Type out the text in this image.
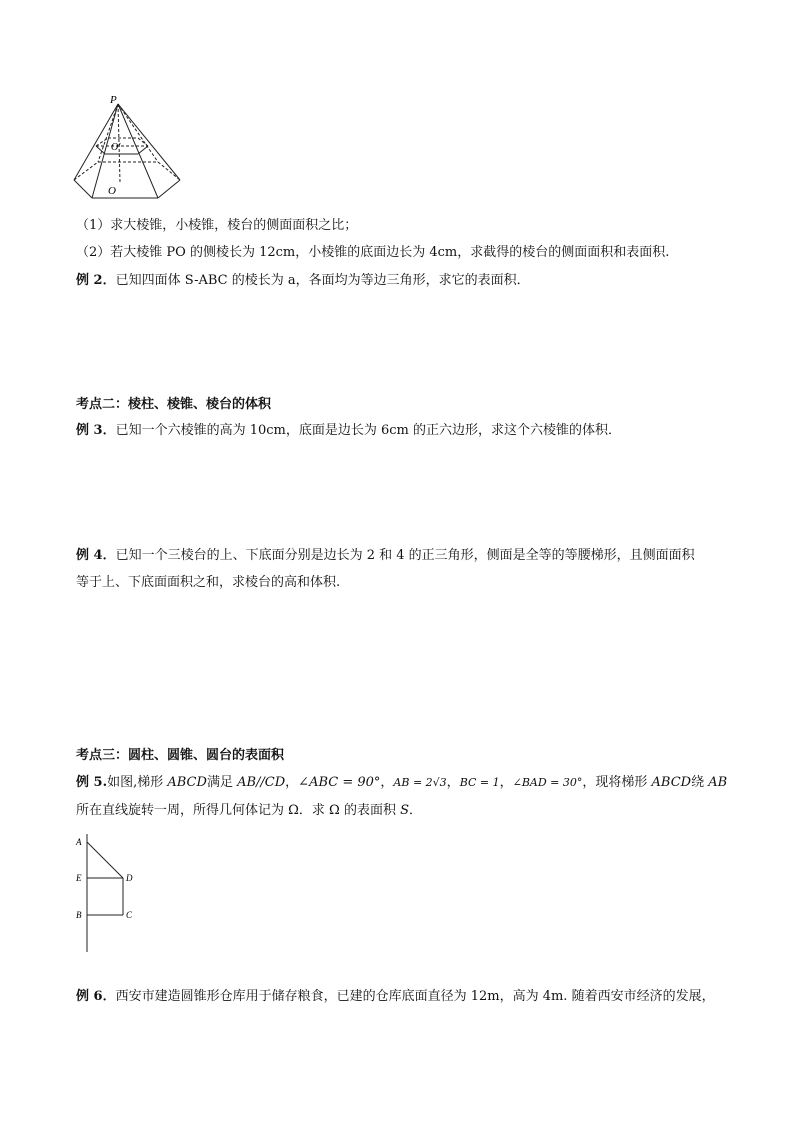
P
O'
O
（1）求大棱锥，小棱锥，棱台的侧面面积之比；
（2）若大棱锥 PO 的侧棱长为 12cm，小棱锥的底面边长为 4cm，求截得的棱台的侧面面积和表面积.
例 2．已知四面体 S-ABC 的棱长为 a，各面均为等边三角形，求它的表面积．
考点二：棱柱、棱锥、棱台的体积
例 3．已知一个六棱锥的高为 10cm，底面是边长为 6cm 的正六边形，求这个六棱锥的体积．
例 4．已知一个三棱台的上、下底面分别是边长为 2 和 4 的正三角形，侧面是全等的等腰梯形，且侧面面积
等于上、下底面面积之和，求棱台的高和体积.
考点三：圆柱、圆锥、圆台的表面积
例 5.如图,梯形 ABCD满足 AB//CD，∠ABC = 90°，AB = 2√3，BC = 1，∠BAD = 30°，现将梯形 ABCD绕 AB
所在直线旋转一周，所得几何体记为 Ω．求 Ω 的表面积 S．
A
E	D
B	C
例 6．西安市建造圆锥形仓库用于储存粮食，已建的仓库底面直径为 12m，高为 4m. 随着西安市经济的发展，
